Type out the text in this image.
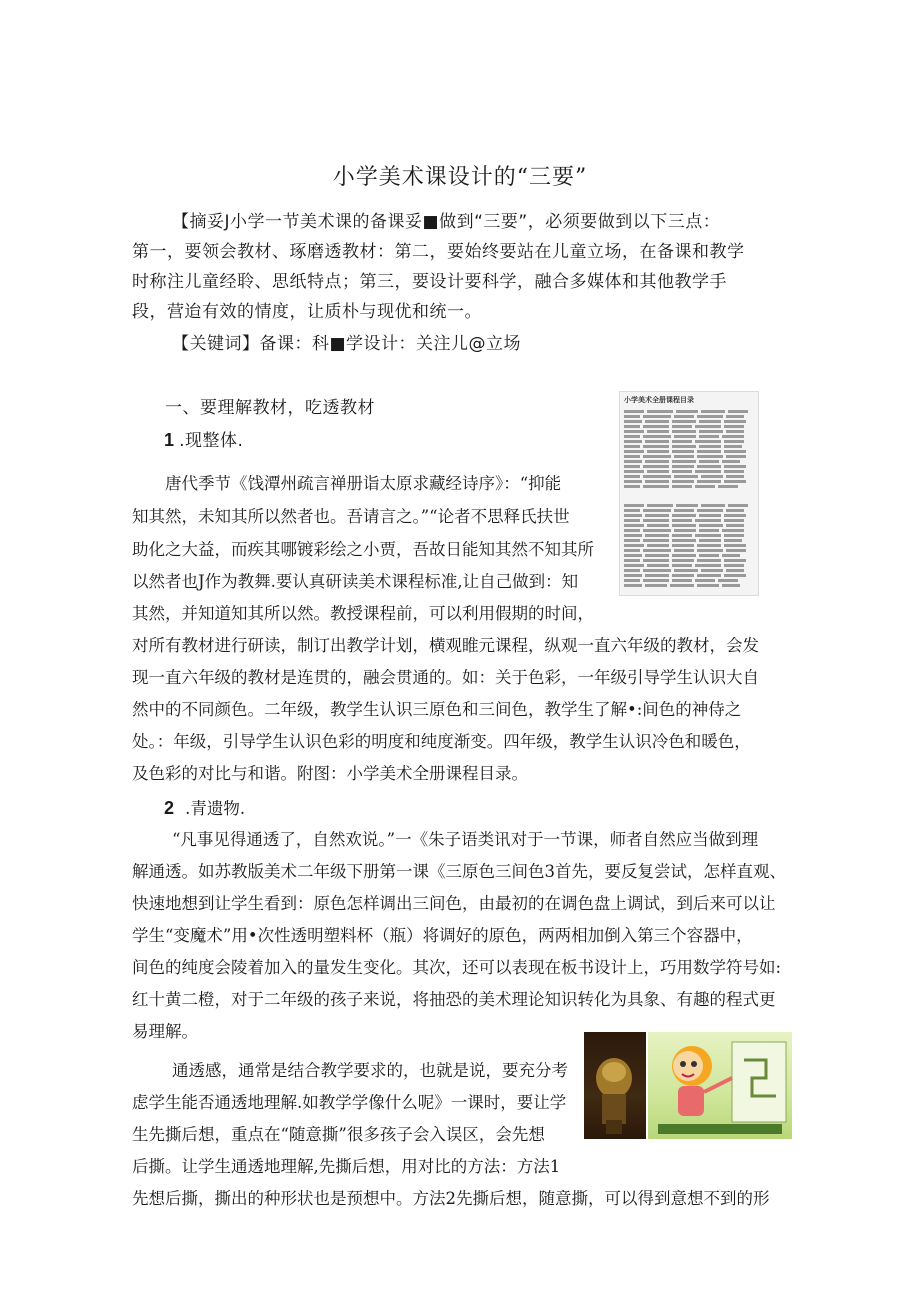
小学美术课设计的“三要”
【摘妥J小学一节美术课的备课妥■做到“三要”，必须要做到以下三点：
第一，要领会教材、琢磨透教材：第二，要始终要站在儿童立场，在备课和教学
时称注儿童经聆、思纸特点；第三，要设计要科学，融合多媒体和其他教学手
段，营迨有效的情度，让质朴与现优和统一。
【关键词】备课：科■学设计：关注儿@立场
一、要理解教材，吃透教材
1 .现整体.
唐代季节《饯潭州疏言禅册诣太原求藏经诗序》：“抑能
知其然，未知其所以然者也。吾请言之。”“论者不思释氏扶世
助化之大益，而疾其哪镀彩绘之小贾，吾故日能知其然不知其所
以然者也J作为教舞.要认真研读美术课程标准,让自己做到：知
其然，并知道知其所以然。教授课程前，可以利用假期的时间，
对所有教材进行研读，制订出教学计划，横观睢元课程，纵观一直六年级的教材，会发
现一直六年级的教材是连贯的，融会贯通的。如：关于色彩，一年级引导学生认识大自
然中的不同颜色。二年级，教学生认识三原色和三间色，教学生了解•:间色的神侍之
处。：年级，引导学生认识色彩的明度和纯度渐变。四年级，教学生认识冷色和暖色，
及色彩的对比与和谐。附图：小学美术全册课程目录。
小学美术全册课程目录
2 .青遗物.
“凡事见得通透了，自然欢说。”一《朱子语类讯对于一节课，师者自然应当做到理
解通透。如苏教版美术二年级下册第一课《三原色三间色3首先，要反复尝试，怎样直观、
快速地想到让学生看到：原色怎样调出三间色，由最初的在调色盘上调试，到后来可以让
学生“变魔术”用•次性透明塑料杯（瓶）将调好的原色，两两相加倒入第三个容器中，
间色的纯度会陵着加入的量发生变化。其次，还可以表现在板书设计上，巧用数学符号如:
红十黄二橙，对于二年级的孩子来说，将抽恐的美术理论知识转化为具象、有趣的程式更
易理解。
通透感，通常是结合教学要求的，也就是说，要充分考
虑学生能否通透地理解.如教学学像什么呢》一课时，要让学
生先撕后想，重点在“随意撕”很多孩子会入误区，会先想
后撕。让学生通透地理解,先撕后想，用对比的方法：方法1
先想后撕，撕出的种形状也是预想中。方法2先撕后想，随意撕，可以得到意想不到的形
